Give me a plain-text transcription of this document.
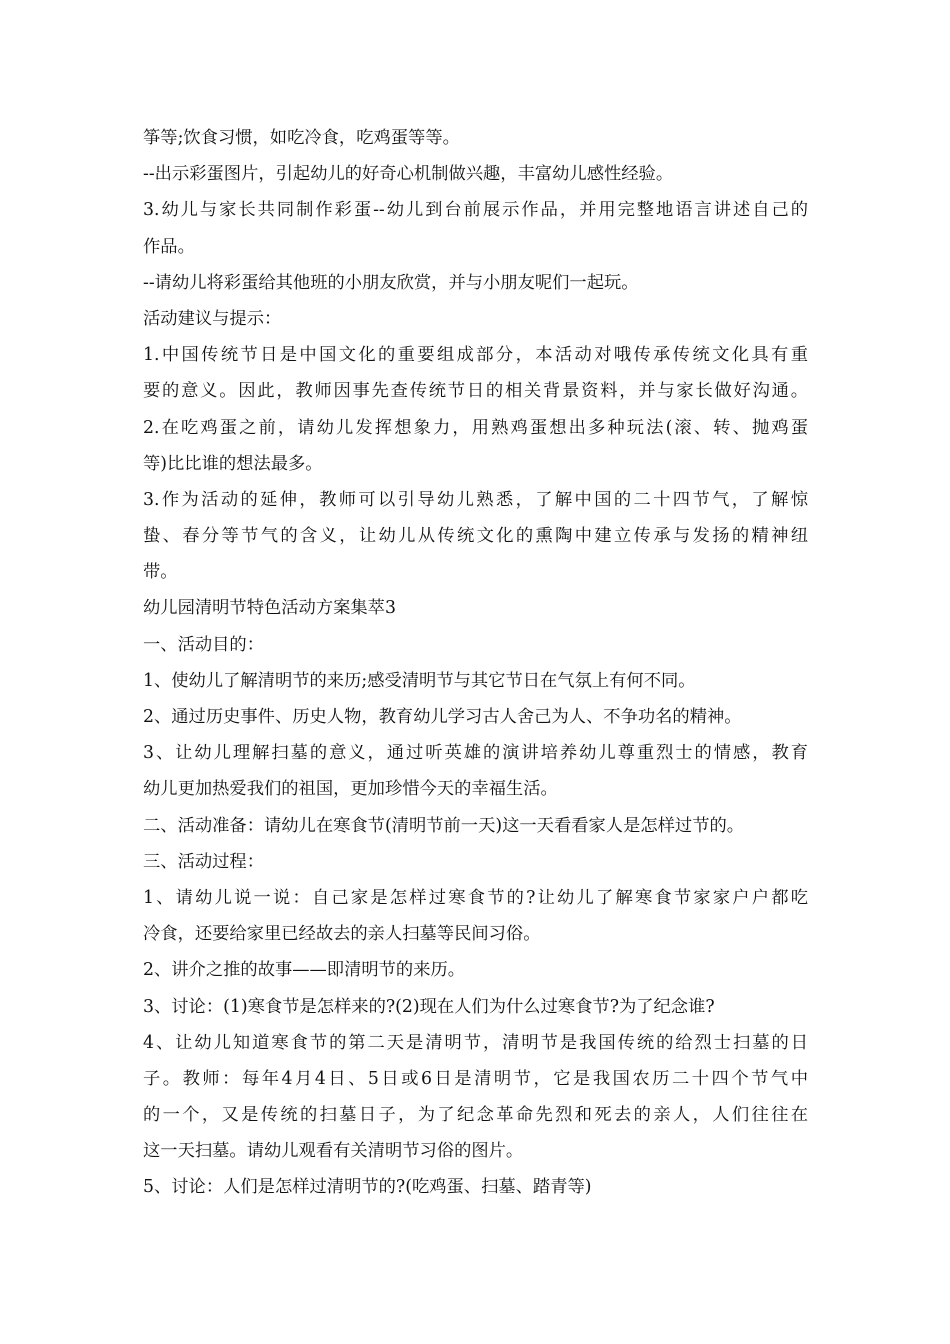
筝等;饮食习惯，如吃冷食，吃鸡蛋等等。
--出示彩蛋图片，引起幼儿的好奇心机制做兴趣，丰富幼儿感性经验。
3.幼儿与家长共同制作彩蛋--幼儿到台前展示作品，并用完整地语言讲述自己的
作品。
--请幼儿将彩蛋给其他班的小朋友欣赏，并与小朋友呢们一起玩。
活动建议与提示：
1.中国传统节日是中国文化的重要组成部分，本活动对哦传承传统文化具有重
要的意义。因此，教师因事先查传统节日的相关背景资料，并与家长做好沟通。
2.在吃鸡蛋之前，请幼儿发挥想象力，用熟鸡蛋想出多种玩法(滚、转、抛鸡蛋
等)比比谁的想法最多。
3.作为活动的延伸，教师可以引导幼儿熟悉，了解中国的二十四节气，了解惊
蛰、春分等节气的含义，让幼儿从传统文化的熏陶中建立传承与发扬的精神纽
带。
幼儿园清明节特色活动方案集萃3
一、活动目的：
1、使幼儿了解清明节的来历;感受清明节与其它节日在气氛上有何不同。
2、通过历史事件、历史人物，教育幼儿学习古人舍己为人、不争功名的精神。
3、让幼儿理解扫墓的意义，通过听英雄的演讲培养幼儿尊重烈士的情感，教育
幼儿更加热爱我们的祖国，更加珍惜今天的幸福生活。
二、活动准备：请幼儿在寒食节(清明节前一天)这一天看看家人是怎样过节的。
三、活动过程：
1、请幼儿说一说：自己家是怎样过寒食节的?让幼儿了解寒食节家家户户都吃
冷食，还要给家里已经故去的亲人扫墓等民间习俗。
2、讲介之推的故事——即清明节的来历。
3、讨论：(1)寒食节是怎样来的?(2)现在人们为什么过寒食节?为了纪念谁?
4、让幼儿知道寒食节的第二天是清明节，清明节是我国传统的给烈士扫墓的日
子。教师：每年4月4日、5日或6日是清明节，它是我国农历二十四个节气中
的一个，又是传统的扫墓日子，为了纪念革命先烈和死去的亲人，人们往往在
这一天扫墓。请幼儿观看有关清明节习俗的图片。
5、讨论：人们是怎样过清明节的?(吃鸡蛋、扫墓、踏青等)
